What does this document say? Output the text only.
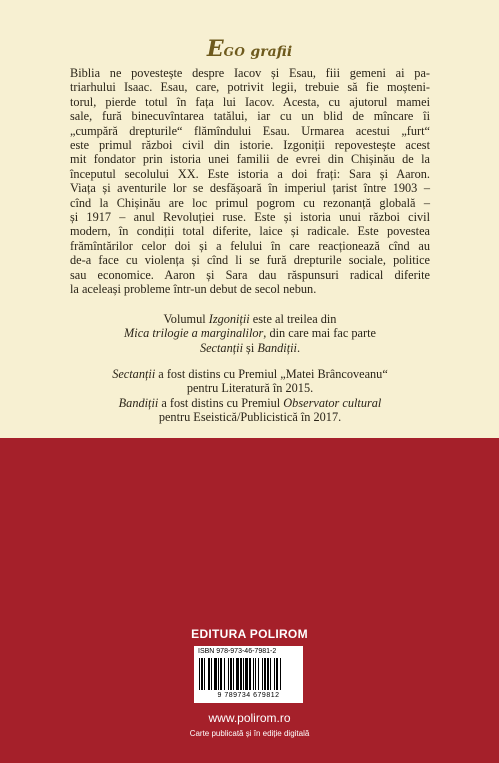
EGO grafii
Biblia ne povestește despre Iacov și Esau, fiii gemeni ai pa-
triarhului Isaac. Esau, care, potrivit legii, trebuie să fie moșteni-
torul, pierde totul în fața lui Iacov. Acesta, cu ajutorul mamei
sale, fură binecuvîntarea tatălui, iar cu un blid de mîncare îi
„cumpără drepturile“ flămîndului Esau. Urmarea acestui „furt“
este primul război civil din istorie. Izgoniții repovestește acest
mit fondator prin istoria unei familii de evrei din Chișinău de la
începutul secolului XX. Este istoria a doi frați: Sara și Aaron.
Viața și aventurile lor se desfășoară în imperiul țarist între 1903 –
cînd la Chișinău are loc primul pogrom cu rezonanță globală –
și 1917 – anul Revoluției ruse. Este și istoria unui război civil
modern, în condiții total diferite, laice și radicale. Este povestea
frămîntărilor celor doi și a felului în care reacționează cînd au
de-a face cu violența și cînd li se fură drepturile sociale, politice
sau economice. Aaron și Sara dau răspunsuri radical diferite
la aceleași probleme într-un debut de secol nebun.

Volumul Izgoniții este al treilea din

Mica trilogie a marginalilor, din care mai fac parte

Sectanții și Bandiții.

Sectanții a fost distins cu Premiul „Matei Brâncoveanu“

pentru Literatură în 2015.

Bandiții a fost distins cu Premiul Observator cultural

pentru Eseistică/Publicistică în 2017.

EDITURA POLIROM
ISBN 978-973-46-7981-2
9 789734 679812
www.polirom.ro
Carte publicată și în ediție digitală
